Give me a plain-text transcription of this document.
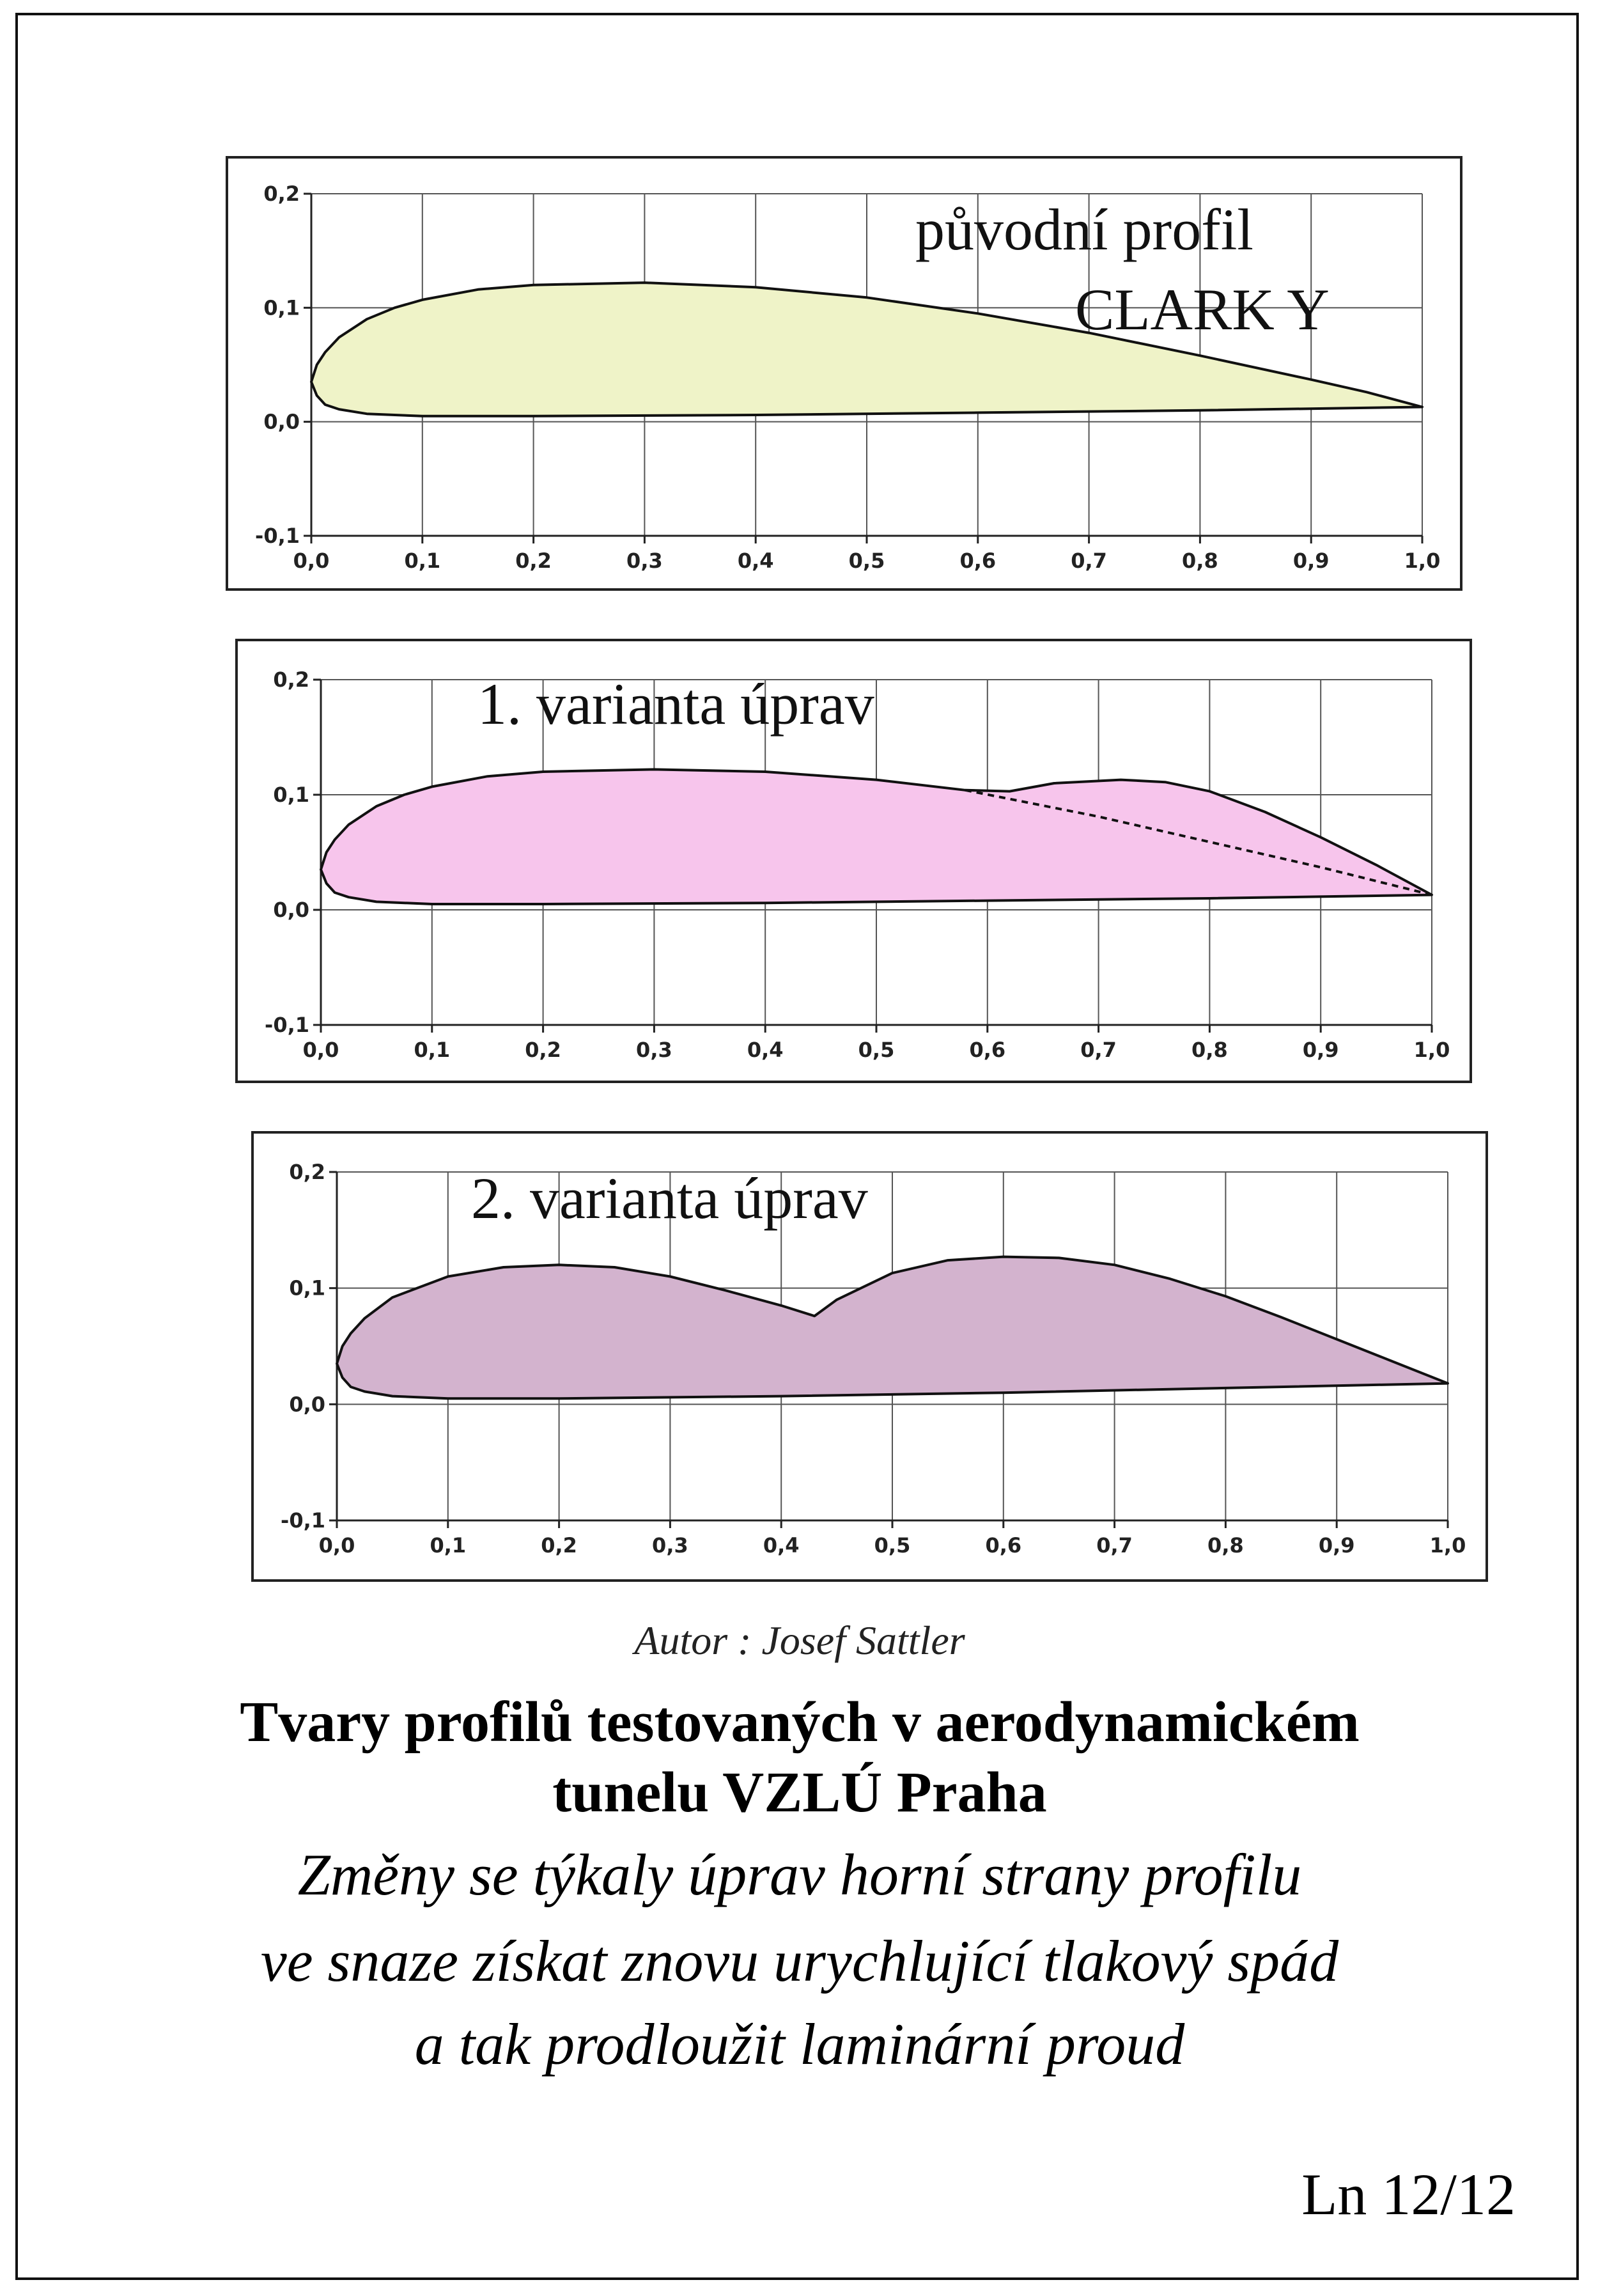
0,0	0,1	0,2	0,3	0,4	0,5	0,6	0,7	0,8	0,9	1,0
0,2
0,1
0,0
-0,1
původní profil
CLARK Y
0,0	0,1	0,2	0,3	0,4	0,5	0,6	0,7	0,8	0,9	1,0
0,2
0,1
0,0
-0,1
1. varianta úprav
0,0	0,1	0,2	0,3	0,4	0,5	0,6	0,7	0,8	0,9	1,0
0,2
0,1
0,0
-0,1
2. varianta úprav
Autor : Josef Sattler
Tvary profilů testovaných v aerodynamickém
tunelu VZLÚ Praha
Změny se týkaly úprav horní strany profilu
ve snaze získat znovu urychlující tlakový spád
a tak prodloužit laminární proud
Ln 12/12
